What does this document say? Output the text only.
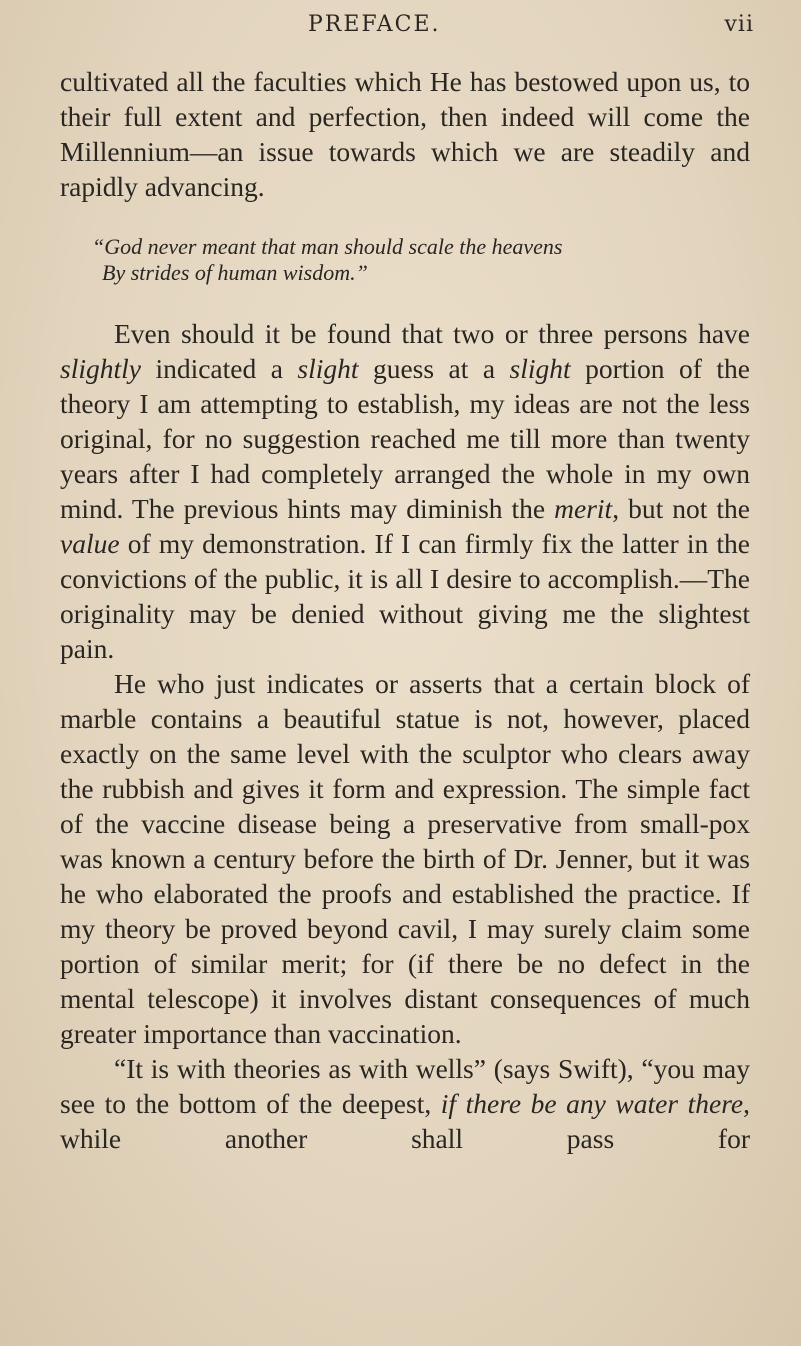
PREFACE.	vii

cultivated all the faculties which He has bestowed upon us, to their full extent and perfection, then indeed will come the Millennium—an issue towards which we are steadily and rapidly advancing.

“God never meant that man should scale the heavens
By strides of human wisdom.”

Even should it be found that two or three persons have slightly indicated a slight guess at a slight portion of the theory I am attempting to establish, my ideas are not the less original, for no suggestion reached me till more than twenty years after I had completely arranged the whole in my own mind. The previous hints may diminish the merit, but not the value of my demonstration. If I can firmly fix the latter in the convictions of the public, it is all I desire to accomplish.—The originality may be denied without giving me the slightest pain.

He who just indicates or asserts that a certain block of marble contains a beautiful statue is not, however, placed exactly on the same level with the sculptor who clears away the rubbish and gives it form and expression. The simple fact of the vaccine disease being a preservative from small-pox was known a century before the birth of Dr. Jenner, but it was he who elaborated the proofs and established the practice. If my theory be proved beyond cavil, I may surely claim some portion of similar merit; for (if there be no defect in the mental telescope) it involves distant consequences of much greater importance than vaccination.

“It is with theories as with wells” (says Swift), “you may see to the bottom of the deepest, if there be any water there, while another shall pass for
